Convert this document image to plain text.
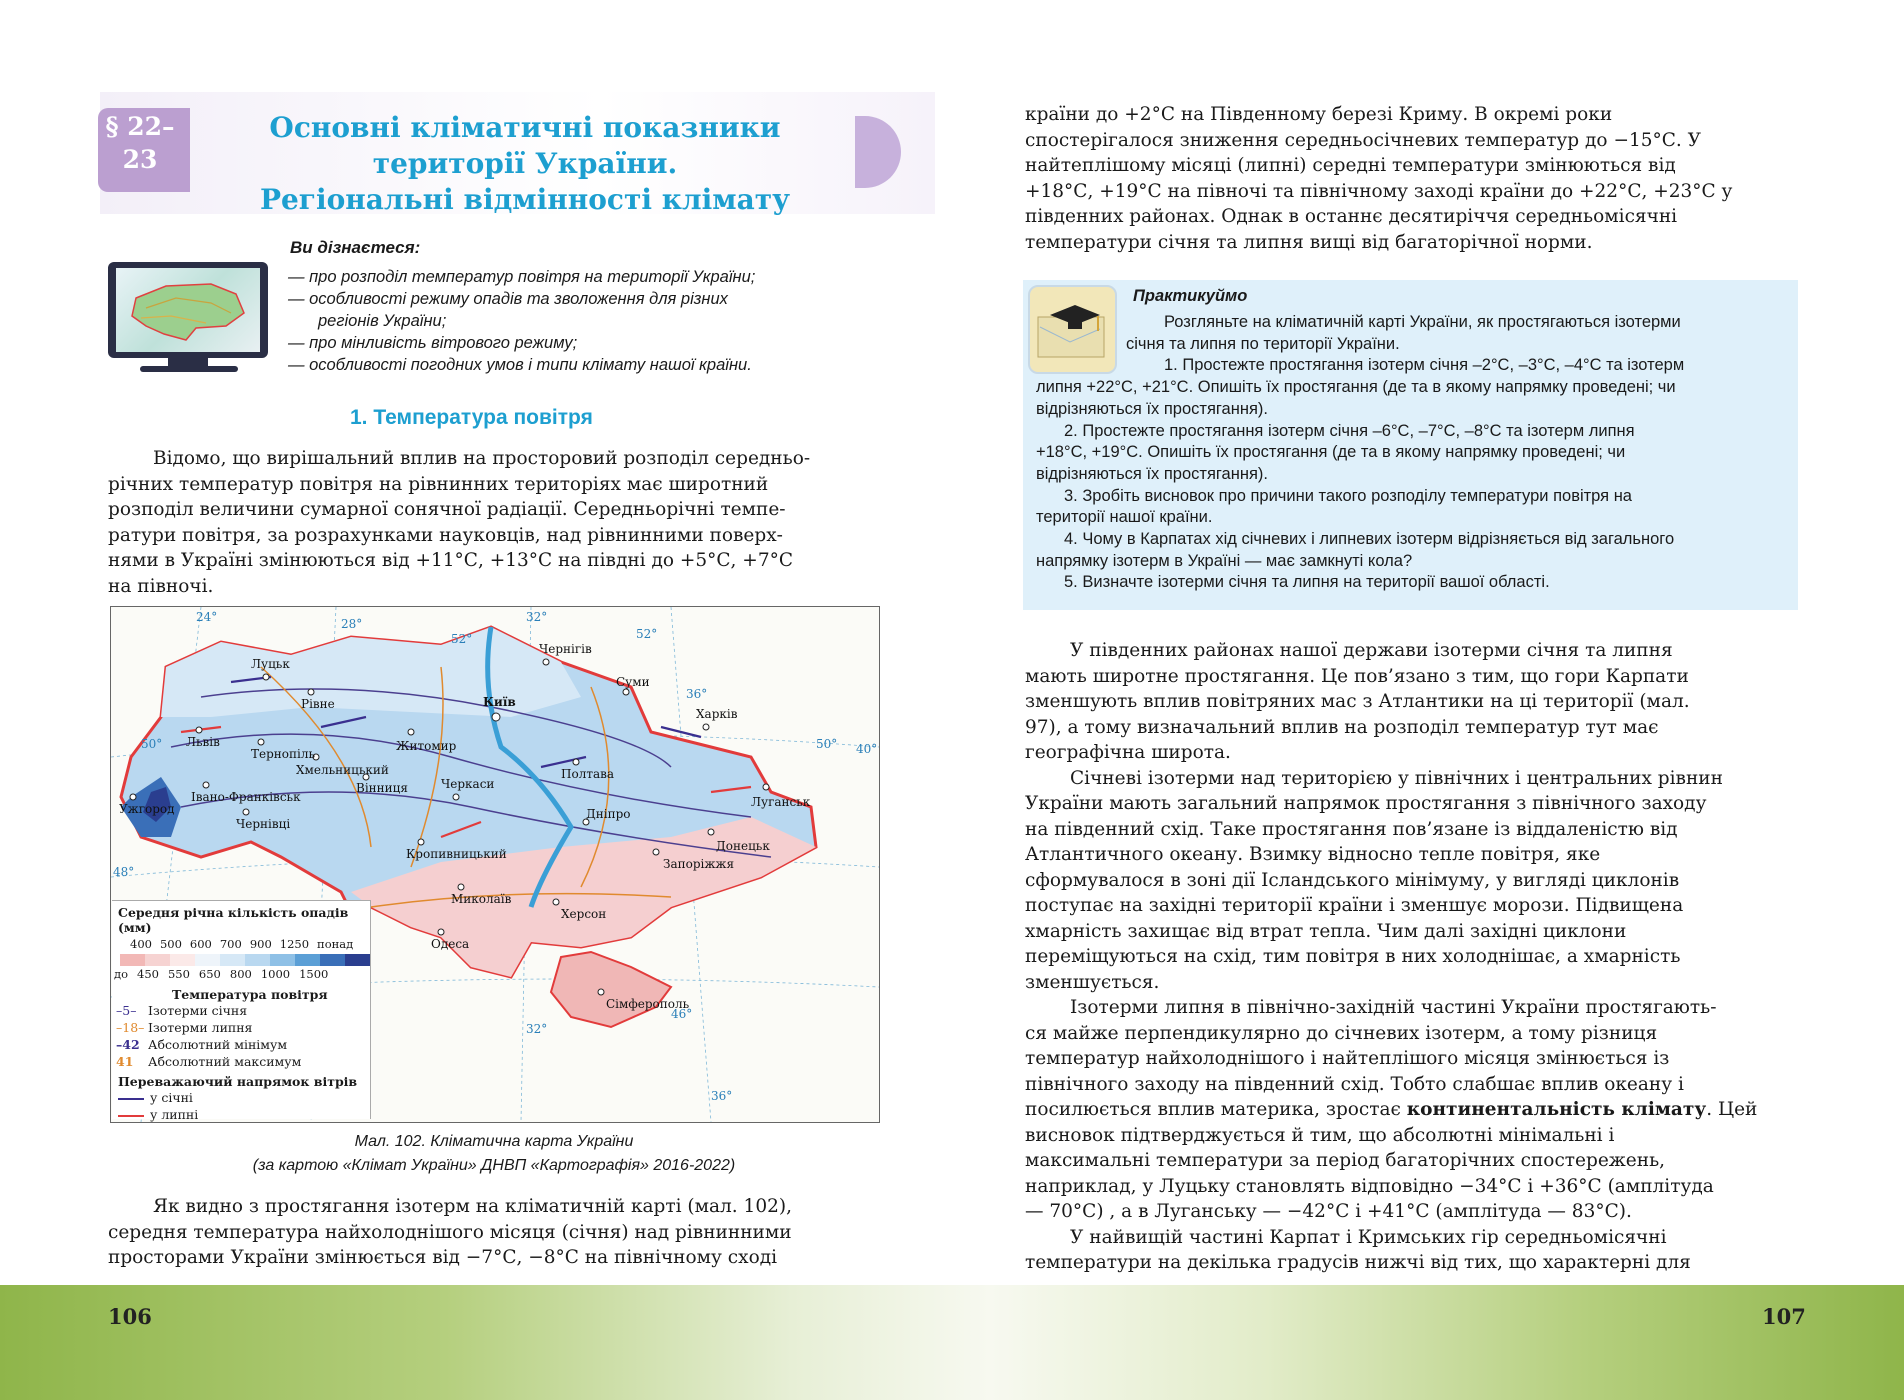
106	107
§ 22–23
Основні кліматичні показники
території України.
Регіональні відмінності клімату
Ви дізнаєтеся:
— про розподіл температур повітря на території України;
— особливості режиму опадів та зволоження для різних
регіонів України;
— про мінливість вітрового режиму;
— особливості погодних умов і типи клімату нашої країни.
1. Температура повітря
Відомо, що вирішальний вплив на просторовий розподіл середньо-
річних температур повітря на рівнинних територіях має широтний
розподіл величини сумарної сонячної радіації. Середньорічні темпе-
ратури повітря, за розрахунками науковців, над рівнинними поверх-
нями в Україні змінюються від +11°С, +13°С на півдні до +5°С, +7°С
на півночі.
Чернігів
Луцьк
Рівне
Суми
Київ
Житомир
Харків
Львів
Тернопіль
Хмельницький
Вінниця	Черкаси
Полтава
Луганськ
Ужгород
Івано-Франківськ
Чернівці
Кропивницький
Дніпро
Донецьк
Запоріжжя
Миколаїв
Херсон
Одеса
Сімферополь
24°	28°	32°
52°	52°
36°
50°	50° 40°
48°
46°
32°
36°
Середня річна кількість опадів (мм)
400 500 600 700 900 1250 понад
до 450 550 650 800 1000 1500
Температура повітря
–5– Ізотерми січня
–18– Ізотерми липня
–42 Абсолютний мінімум
41 Абсолютний максимум
Переважаючий напрямок вітрів
у січні
у липні
Мал. 102. Кліматична карта України
(за картою «Клімат України» ДНВП «Картографія» 2016-2022)
Як видно з простягання ізотерм на кліматичній карті (мал. 102),
середня температура найхолоднішого місяця (січня) над рівнинними
просторами України змінюється від −7°С, −8°С на північному сході
країни до +2°С на Південному березі Криму. В окремі роки
спостерігалося зниження середньосічневих температур до −15°С. У
найтеплішому місяці (липні) середні температури змінюються від
+18°С, +19°С на півночі та північному заході країни до +22°С, +23°С у
південних районах. Однак в останнє десятиріччя середньомісячні
температури січня та липня вищі від багаторічної норми.
Практикуймо
Розгляньте на кліматичній карті України, як простягаються ізотерми
січня та липня по території України.
1. Простежте простягання ізотерм січня –2°С, –3°С, –4°С та ізотерм
липня +22°С, +21°С. Опишіть їх простягання (де та в якому напрямку проведені; чи
відрізняються їх простягання).
2. Простежте простягання ізотерм січня –6°С, –7°С, –8°С та ізотерм липня
+18°С, +19°С. Опишіть їх простягання (де та в якому напрямку проведені; чи
відрізняються їх простягання).
3. Зробіть висновок про причини такого розподілу температури повітря на
території нашої країни.
4. Чому в Карпатах хід січневих і липневих ізотерм відрізняється від загального
напрямку ізотерм в Україні — має замкнуті кола?
5. Визначте ізотерми січня та липня на території вашої області.
У південних районах нашої держави ізотерми січня та липня
мають широтне простягання. Це пов’язано з тим, що гори Карпати
зменшують вплив повітряних мас з Атлантики на ці території (мал.
97), а тому визначальний вплив на розподіл температур тут має
географічна широта.
Січневі ізотерми над територією у північних і центральних рівнин
України мають загальний напрямок простягання з північного заходу
на південний схід. Таке простягання пов’язане із віддаленістю від
Атлантичного океану. Взимку відносно тепле повітря, яке
сформувалося в зоні дії Ісландського мінімуму, у вигляді циклонів
поступає на західні території країни і зменшує морози. Підвищена
хмарність захищає від втрат тепла. Чим далі західні циклони
переміщуються на схід, тим повітря в них холоднішає, а хмарність
зменшується.
Ізотерми липня в північно-західній частині України простягають-
ся майже перпендикулярно до січневих ізотерм, а тому різниця
температур найхолоднішого і найтеплішого місяця змінюється із
північного заходу на південний схід. Тобто слабшає вплив океану і
посилюється вплив материка, зростає континентальність клімату. Цей
висновок підтверджується й тим, що абсолютні мінімальні і
максимальні температури за період багаторічних спостережень,
наприклад, у Луцьку становлять відповідно −34°С і +36°С (амплітуда
— 70°С) , а в Луганську — −42°С і +41°С (амплітуда — 83°С).
У найвищій частині Карпат і Кримських гір середньомісячні
температури на декілька градусів нижчі від тих, що характерні для
